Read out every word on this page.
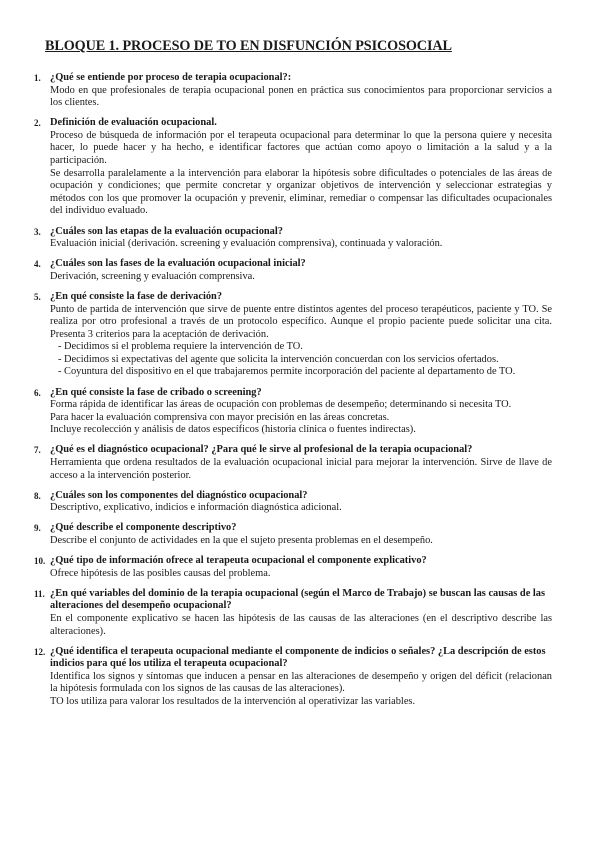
BLOQUE 1. PROCESO DE TO EN DISFUNCIÓN PSICOSOCIAL
1. ¿Qué se entiende por proceso de terapia ocupacional?:

Modo en que profesionales de terapia ocupacional ponen en práctica sus conocimientos para proporcionar servicios a los clientes.

2. Definición de evaluación ocupacional.

Proceso de búsqueda de información por el terapeuta ocupacional para determinar lo que la persona quiere y necesita hacer, lo puede hacer y ha hecho, e identificar factores que actúan como apoyo o limitación a la salud y a la participación.

Se desarrolla paralelamente a la intervención para elaborar la hipótesis sobre dificultades o potenciales de las áreas de ocupación y condiciones; que permite concretar y organizar objetivos de intervención y seleccionar estrategias y métodos con los que promover la ocupación y prevenir, eliminar, remediar o compensar las dificultades ocupacionales del individuo evaluado.

3. ¿Cuáles son las etapas de la evaluación ocupacional?

Evaluación inicial (derivación. screening y evaluación comprensiva), continuada y valoración.

4. ¿Cuáles son las fases de la evaluación ocupacional inicial?

Derivación, screening y evaluación comprensiva.

5. ¿En qué consiste la fase de derivación?

Punto de partida de intervención que sirve de puente entre distintos agentes del proceso terapéuticos, paciente y TO. Se realiza por otro profesional a través de un protocolo específico. Aunque el propio paciente puede solicitar una cita. Presenta 3 criterios para la aceptación de derivación.

- Decidimos si el problema requiere la intervención de TO.
- Decidimos si expectativas del agente que solicita la intervención concuerdan con los servicios ofertados.
- Coyuntura del dispositivo en el que trabajaremos permite incorporación del paciente al departamento de TO.
6. ¿En qué consiste la fase de cribado o screening?

Forma rápida de identificar las áreas de ocupación con problemas de desempeño; determinando si necesita TO.

Para hacer la evaluación comprensiva con mayor precisión en las áreas concretas.

Incluye recolección y análisis de datos específicos (historia clínica o fuentes indirectas).

7. ¿Qué es el diagnóstico ocupacional? ¿Para qué le sirve al profesional de la terapia ocupacional?

Herramienta que ordena resultados de la evaluación ocupacional inicial para mejorar la intervención. Sirve de llave de acceso a la intervención posterior.

8. ¿Cuáles son los componentes del diagnóstico ocupacional?

Descriptivo, explicativo, indicios e información diagnóstica adicional.

9. ¿Qué describe el componente descriptivo?

Describe el conjunto de actividades en la que el sujeto presenta problemas en el desempeño.

10. ¿Qué tipo de información ofrece al terapeuta ocupacional el componente explicativo?

Ofrece hipótesis de las posibles causas del problema.

11. ¿En qué variables del dominio de la terapia ocupacional (según el Marco de Trabajo) se buscan las causas de las alteraciones del desempeño ocupacional?

En el componente explicativo se hacen las hipótesis de las causas de las alteraciones (en el descriptivo describe las alteraciones).

12. ¿Qué identifica el terapeuta ocupacional mediante el componente de indicios o señales? ¿La descripción de estos indicios para qué los utiliza el terapeuta ocupacional?

Identifica los signos y síntomas que inducen a pensar en las alteraciones de desempeño y origen del déficit (relacionan la hipótesis formulada con los signos de las causas de las alteraciones).

TO los utiliza para valorar los resultados de la intervención al operativizar las variables.
